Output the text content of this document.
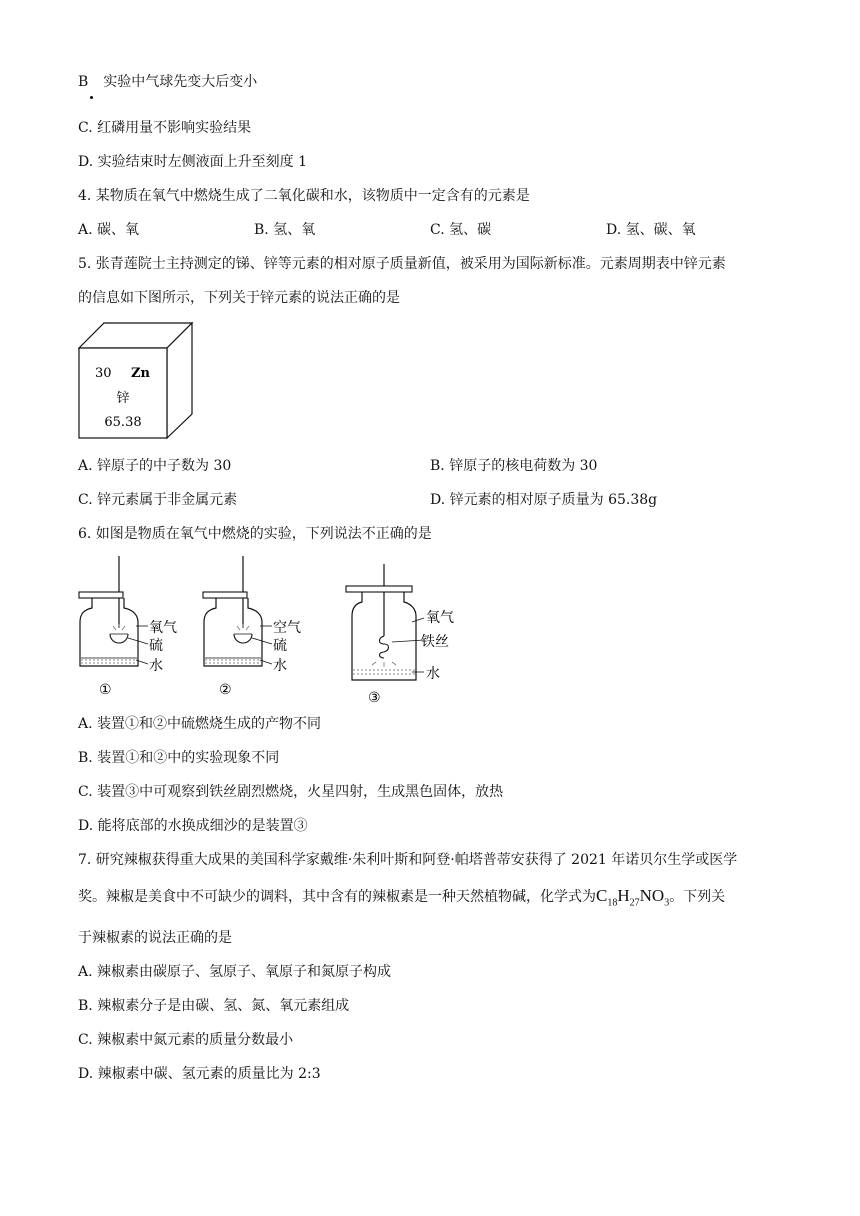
B 实验中气球先变大后变小
C. 红磷用量不影响实验结果
D. 实验结束时左侧液面上升至刻度 1
4. 某物质在氧气中燃烧生成了二氧化碳和水，该物质中一定含有的元素是
A. 碳、氧	B. 氢、氧	C. 氢、碳	D. 氢、碳、氧
5. 张青莲院士主持测定的锑、锌等元素的相对原子质量新值，被采用为国际新标准。元素周期表中锌元素
的信息如下图所示，下列关于锌元素的说法正确的是
30 Zn
锌
65.38
A. 锌原子的中子数为 30	B. 锌原子的核电荷数为 30
C. 锌元素属于非金属元素	D. 锌元素的相对原子质量为 65.38g
6. 如图是物质在氧气中燃烧的实验，下列说法不正确的是
氧气
硫
水
①
空气
硫
水
②
氧气
铁丝
水
③
A. 装置①和②中硫燃烧生成的产物不同
B. 装置①和②中的实验现象不同
C. 装置③中可观察到铁丝剧烈燃烧，火星四射，生成黑色固体，放热
D. 能将底部的水换成细沙的是装置③
7. 研究辣椒获得重大成果的美国科学家戴维·朱利叶斯和阿登·帕塔普蒂安获得了 2021 年诺贝尔生学或医学
奖。辣椒是美食中不可缺少的调料，其中含有的辣椒素是一种天然植物碱，化学式为$C_{18}H_{27}NO_3$。下列关
于辣椒素的说法正确的是
A. 辣椒素由碳原子、氢原子、氧原子和氮原子构成
B. 辣椒素分子是由碳、氢、氮、氧元素组成
C. 辣椒素中氮元素的质量分数最小
D. 辣椒素中碳、氢元素的质量比为 2:3
